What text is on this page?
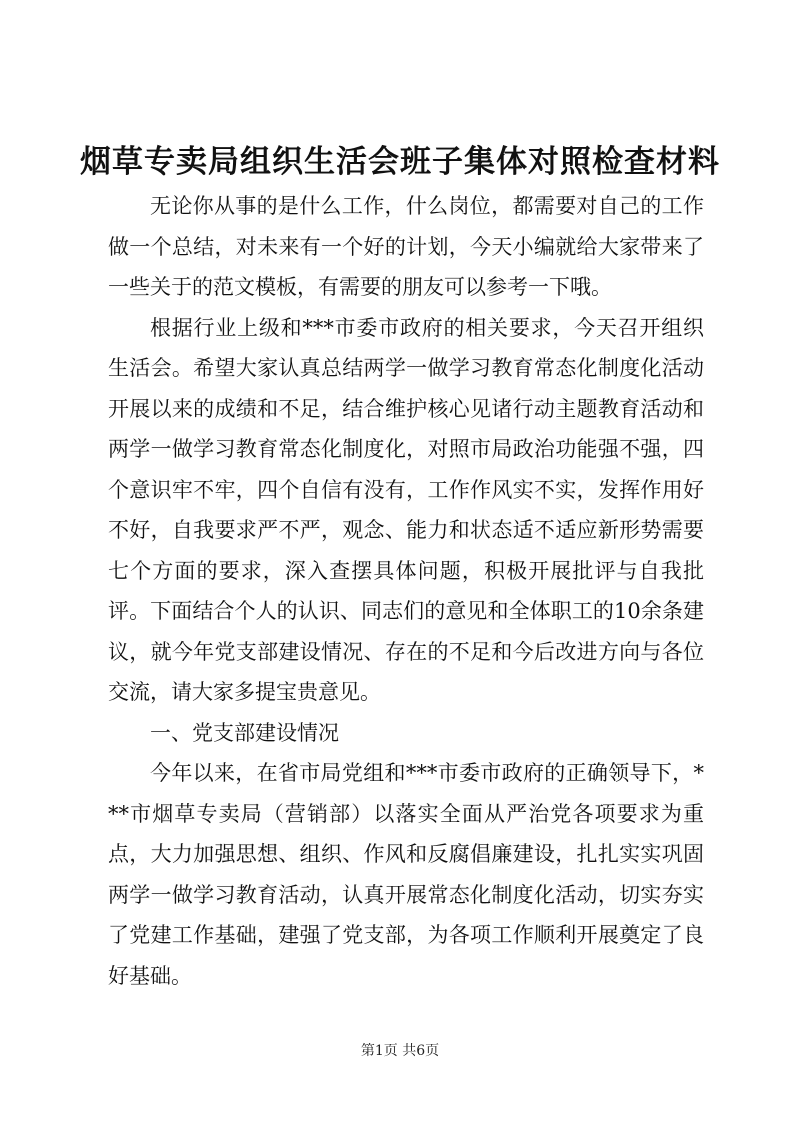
烟草专卖局组织生活会班子集体对照检查材料

无论你从事的是什么工作，什么岗位，都需要对自己的工作做一个总结，对未来有一个好的计划，今天小编就给大家带来了一些关于的范文模板，有需要的朋友可以参考一下哦。

根据行业上级和***市委市政府的相关要求，今天召开组织生活会。希望大家认真总结两学一做学习教育常态化制度化活动开展以来的成绩和不足，结合维护核心见诸行动主题教育活动和两学一做学习教育常态化制度化，对照市局政治功能强不强，四个意识牢不牢，四个自信有没有，工作作风实不实，发挥作用好不好，自我要求严不严，观念、能力和状态适不适应新形势需要七个方面的要求，深入查摆具体问题，积极开展批评与自我批评。下面结合个人的认识、同志们的意见和全体职工的10余条建议，就今年党支部建设情况、存在的不足和今后改进方向与各位交流，请大家多提宝贵意见。

一、党支部建设情况

今年以来，在省市局党组和***市委市政府的正确领导下，***市烟草专卖局（营销部）以落实全面从严治党各项要求为重点，大力加强思想、组织、作风和反腐倡廉建设，扎扎实实巩固两学一做学习教育活动，认真开展常态化制度化活动，切实夯实了党建工作基础，建强了党支部，为各项工作顺利开展奠定了良好基础。

第1页 共6页
